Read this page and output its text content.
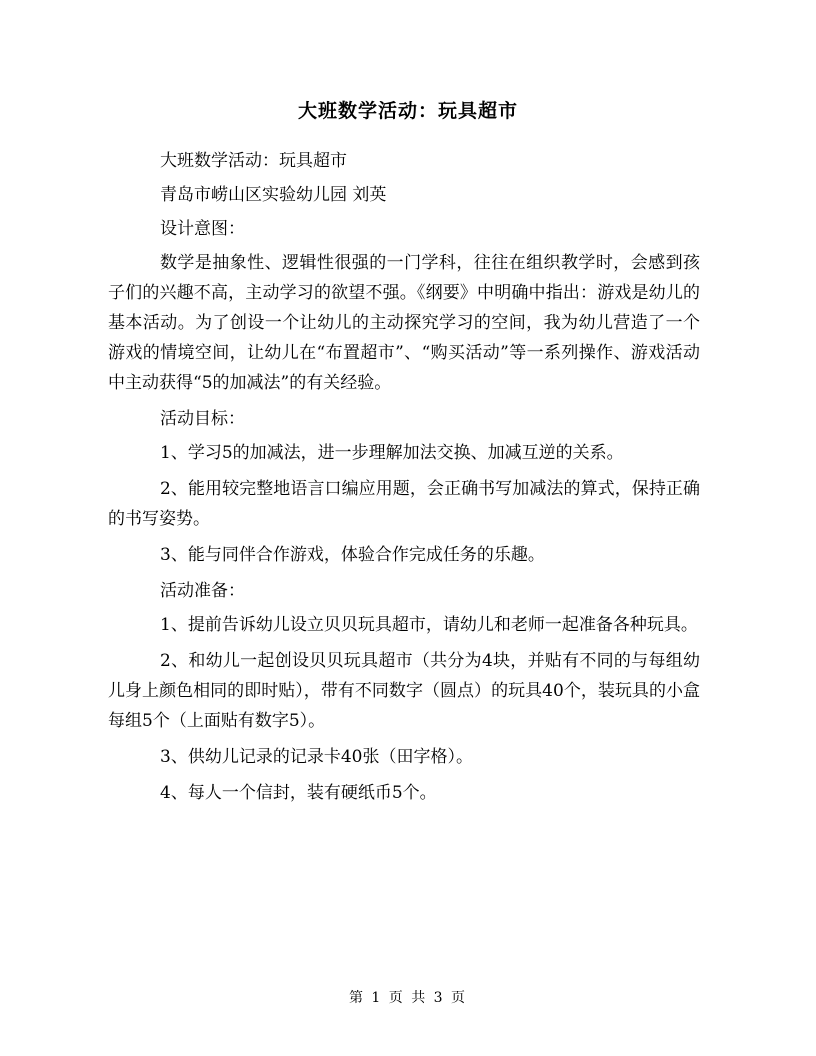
大班数学活动：玩具超市

大班数学活动：玩具超市

青岛市崂山区实验幼儿园 刘英

设计意图：

数学是抽象性、逻辑性很强的一门学科，往往在组织教学时，会感到孩子们的兴趣不高，主动学习的欲望不强。《纲要》中明确中指出：游戏是幼儿的基本活动。为了创设一个让幼儿的主动探究学习的空间，我为幼儿营造了一个游戏的情境空间，让幼儿在“布置超市”、“购买活动”等一系列操作、游戏活动中主动获得“5的加减法”的有关经验。

活动目标：

1、学习5的加减法，进一步理解加法交换、加减互逆的关系。

2、能用较完整地语言口编应用题，会正确书写加减法的算式，保持正确的书写姿势。

3、能与同伴合作游戏，体验合作完成任务的乐趣。

活动准备：

1、提前告诉幼儿设立贝贝玩具超市，请幼儿和老师一起准备各种玩具。

2、和幼儿一起创设贝贝玩具超市（共分为4块，并贴有不同的与每组幼儿身上颜色相同的即时贴），带有不同数字（圆点）的玩具40个，装玩具的小盒每组5个（上面贴有数字5）。

3、供幼儿记录的记录卡40张（田字格）。

4、每人一个信封，装有硬纸币5个。

第 1 页 共 3 页
